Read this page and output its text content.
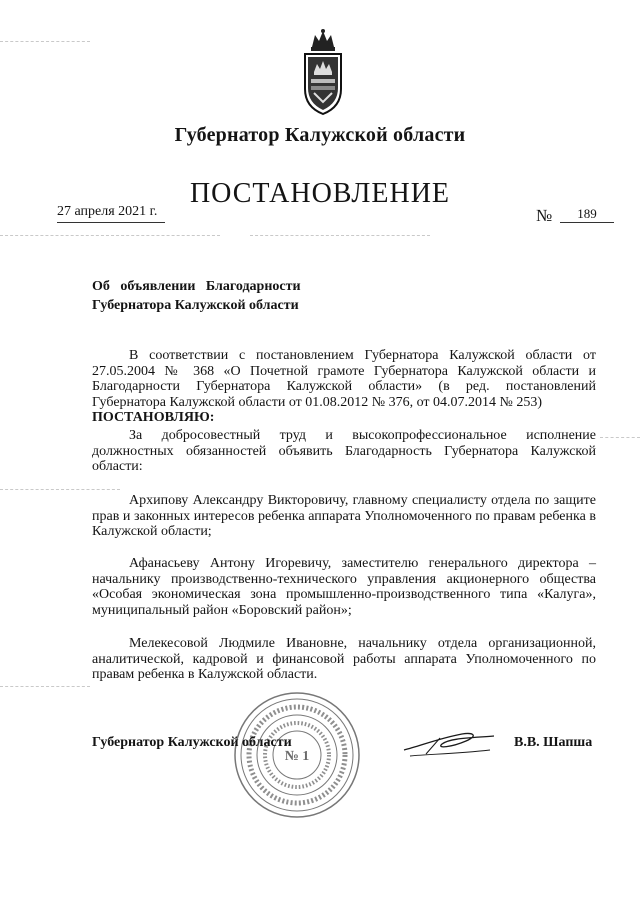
Губернатор Калужской области
ПОСТАНОВЛЕНИЕ
27 апреля 2021 г.	№ 189
Об   объявлении   Благодарности
Губернатора Калужской области
В соответствии с постановлением Губернатора Калужской области от 27.05.2004 № 368 «О Почетной грамоте Губернатора Калужской области и Благодарности Губернатора Калужской области» (в ред. постановлений Губернатора Калужской области от 01.08.2012 № 376, от 04.07.2014 № 253)
ПОСТАНОВЛЯЮ:
За добросовестный труд и высокопрофессиональное исполнение должностных обязанностей объявить Благодарность Губернатора Калужской области:
Архипову Александру Викторовичу, главному специалисту отдела по защите прав и законных интересов ребенка аппарата Уполномоченного по правам ребенка в Калужской области;
Афанасьеву Антону Игоревичу, заместителю генерального директора – начальнику производственно-технического управления акционерного общества «Особая экономическая зона промышленно-производственного типа «Калуга», муниципальный район «Боровский район»;
Мелекесовой Людмиле Ивановне, начальнику отдела организационной, аналитической, кадровой и финансовой работы аппарата Уполномоченного по правам ребенка в Калужской области.
№ 1
Губернатор Калужской области	В.В. Шапша
